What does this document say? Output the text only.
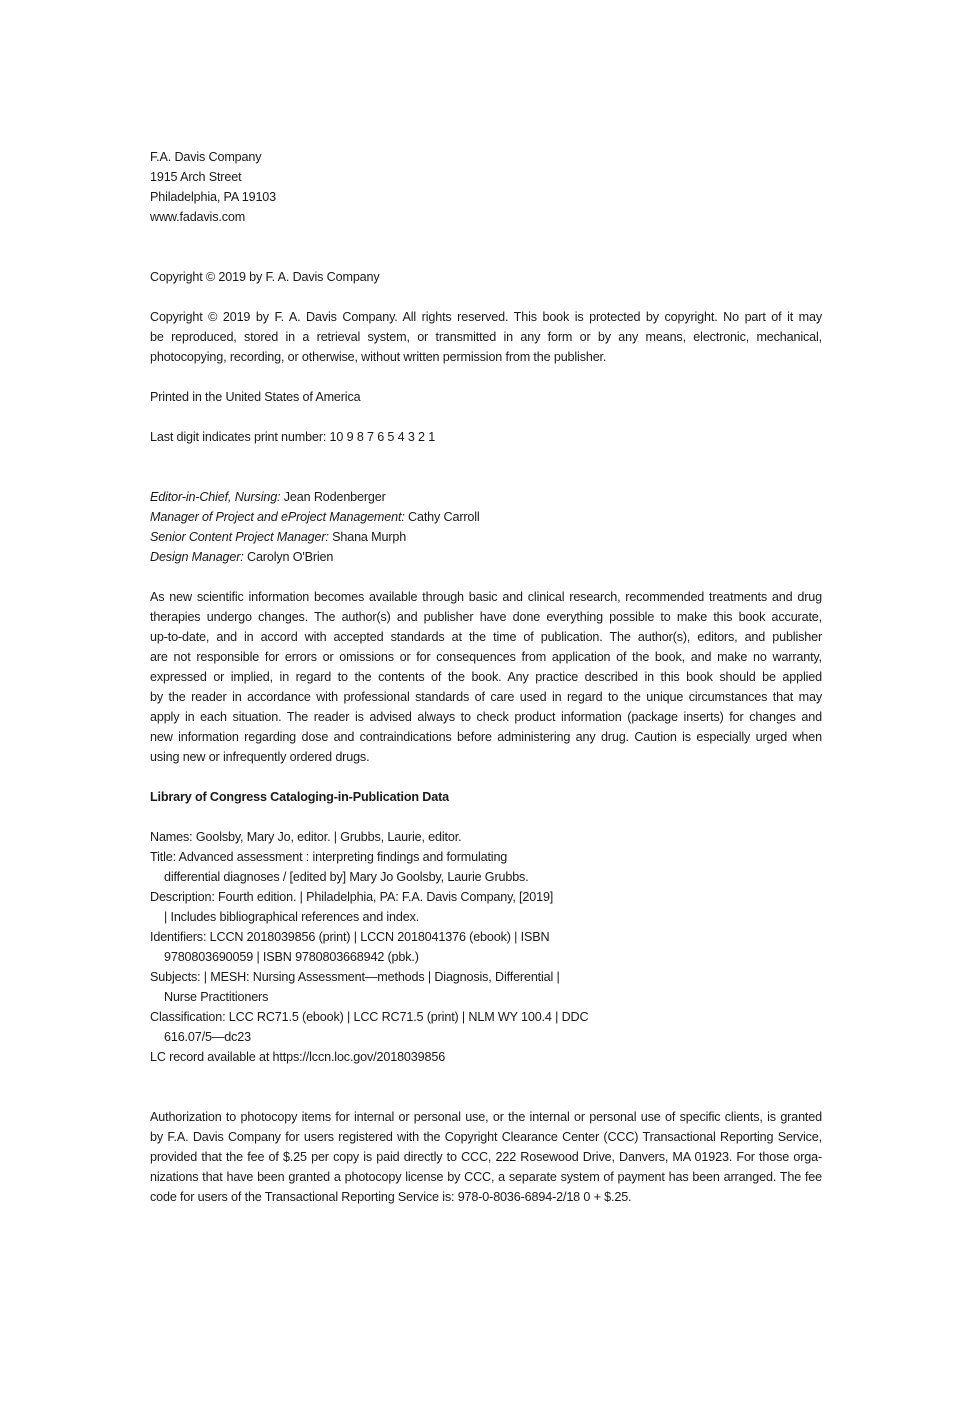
F.A. Davis Company
1915 Arch Street
Philadelphia, PA 19103
www.fadavis.com
Copyright © 2019 by F. A. Davis Company
Copyright © 2019 by F. A. Davis Company. All rights reserved. This book is protected by copyright. No part of it may
be reproduced, stored in a retrieval system, or transmitted in any form or by any means, electronic, mechanical,
photocopying, recording, or otherwise, without written permission from the publisher.
Printed in the United States of America
Last digit indicates print number: 10 9 8 7 6 5 4 3 2 1
Editor-in-Chief, Nursing: Jean Rodenberger
Manager of Project and eProject Management: Cathy Carroll
Senior Content Project Manager: Shana Murph
Design Manager: Carolyn O'Brien
As new scientific information becomes available through basic and clinical research, recommended treatments and drug
therapies undergo changes. The author(s) and publisher have done everything possible to make this book accurate,
up-to-date, and in accord with accepted standards at the time of publication. The author(s), editors, and publisher
are not responsible for errors or omissions or for consequences from application of the book, and make no warranty,
expressed or implied, in regard to the contents of the book. Any practice described in this book should be applied
by the reader in accordance with professional standards of care used in regard to the unique circumstances that may
apply in each situation. The reader is advised always to check product information (package inserts) for changes and
new information regarding dose and contraindications before administering any drug. Caution is especially urged when
using new or infrequently ordered drugs.
Library of Congress Cataloging-in-Publication Data
Names: Goolsby, Mary Jo, editor. | Grubbs, Laurie, editor.
Title: Advanced assessment : interpreting findings and formulating
differential diagnoses / [edited by] Mary Jo Goolsby, Laurie Grubbs.
Description: Fourth edition. | Philadelphia, PA: F.A. Davis Company, [2019]
| Includes bibliographical references and index.
Identifiers: LCCN 2018039856 (print) | LCCN 2018041376 (ebook) | ISBN
9780803690059 | ISBN 9780803668942 (pbk.)
Subjects: | MESH: Nursing Assessment—methods | Diagnosis, Differential |
Nurse Practitioners
Classification: LCC RC71.5 (ebook) | LCC RC71.5 (print) | NLM WY 100.4 | DDC
616.07/5—dc23
LC record available at https://lccn.loc.gov/2018039856
Authorization to photocopy items for internal or personal use, or the internal or personal use of specific clients, is granted
by F.A. Davis Company for users registered with the Copyright Clearance Center (CCC) Transactional Reporting Service,
provided that the fee of $.25 per copy is paid directly to CCC, 222 Rosewood Drive, Danvers, MA 01923. For those orga-
nizations that have been granted a photocopy license by CCC, a separate system of payment has been arranged. The fee
code for users of the Transactional Reporting Service is: 978-0-8036-6894-2/18 0 + $.25.
